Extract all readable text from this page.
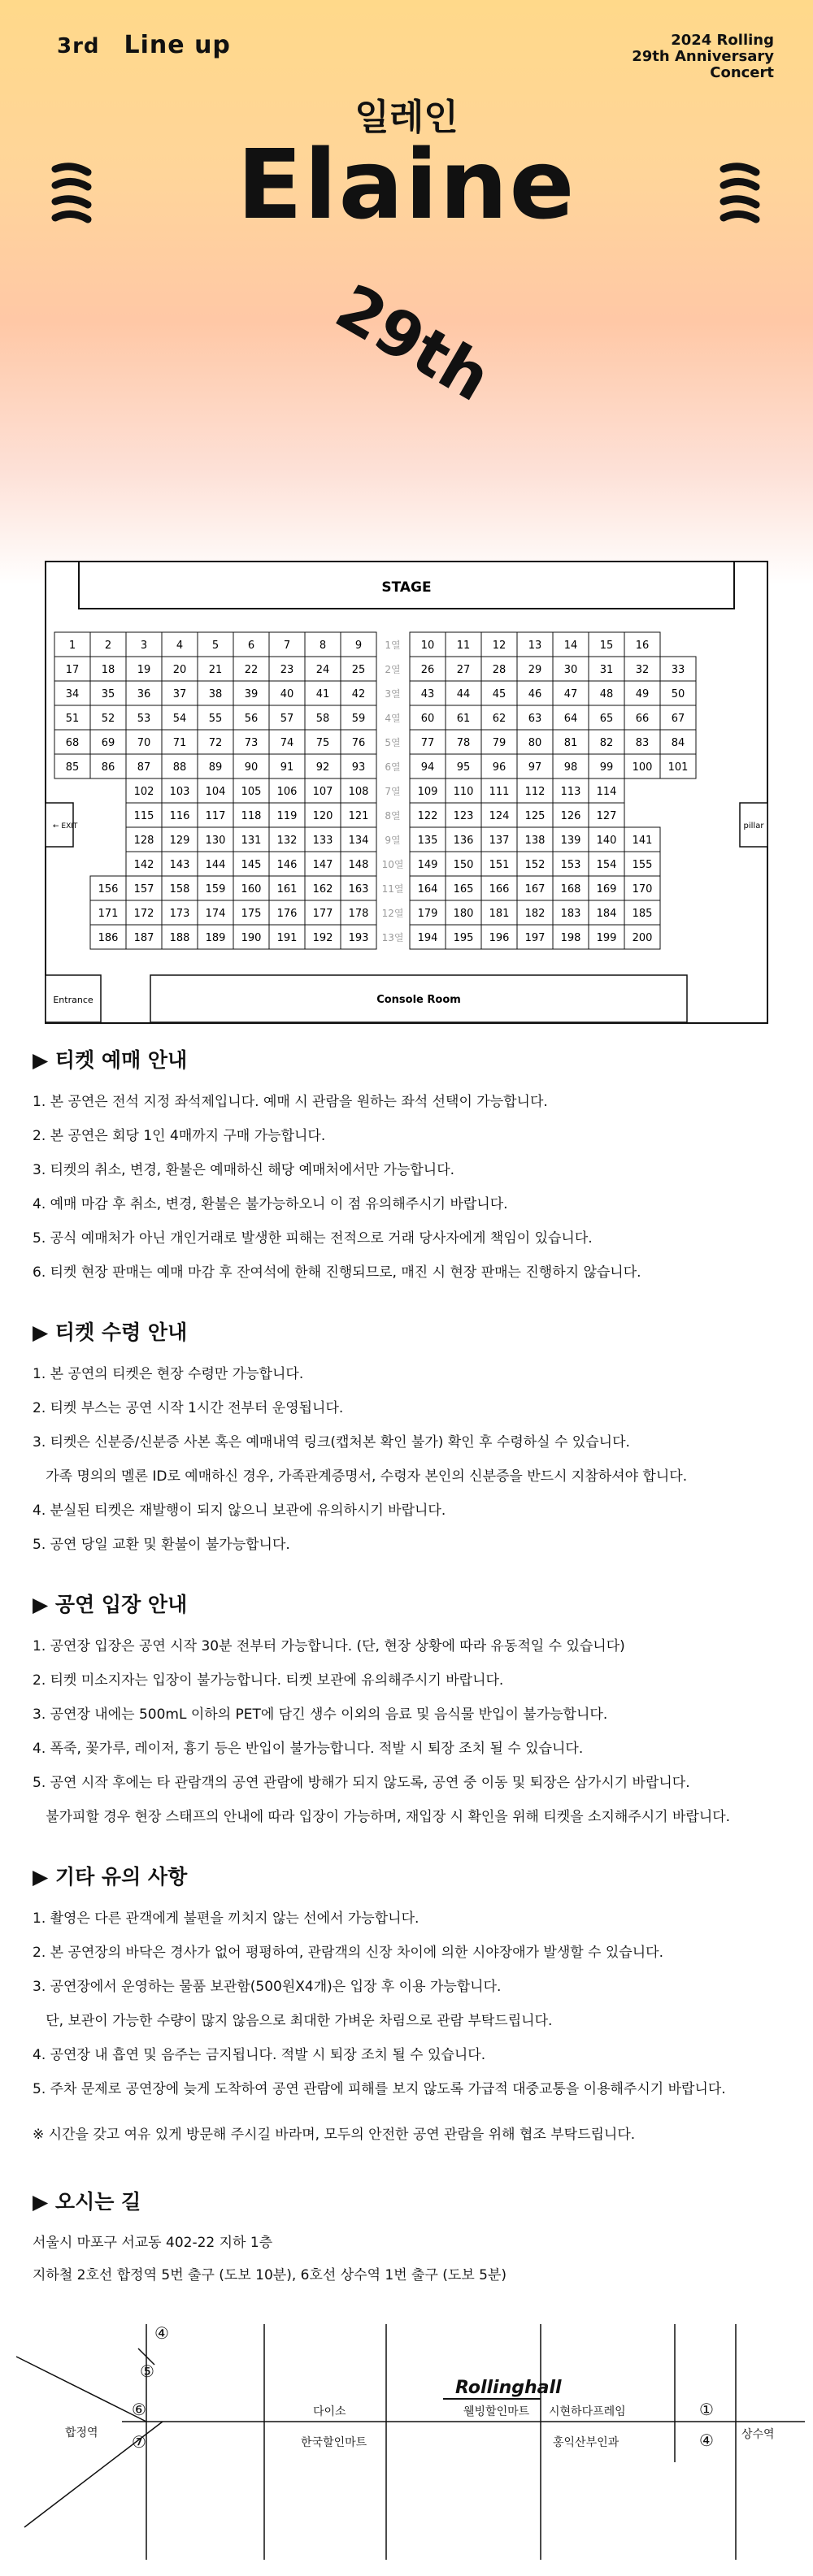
3rd Line up	2024 Rolling
29th Anniversary
Concert
일레인
Elaine
29th
STAGE
← EXIT	pillar
Entrance	Console Room
1	2	3	4	5	6	7	8	9	10 11 12 13 14 15 16
1열
17 18 19 20 21 22 23 24 25	26 27 28 29 30 31 32 33
2열
34 35 36 37 38 39 40 41 42	43 44 45 46 47 48 49 50
3열
51 52 53 54 55 56 57 58 59	60 61 62 63 64 65 66 67
4열
68 69 70 71 72 73 74 75 76	77 78 79 80 81 82 83 84
5열
85 86 87 88 89 90 91 92 93	94 95 96 97 98 99 100 101
6열
102 103 104 105 106 107 108	109 110 111 112 113 114
7열
115 116 117 118 119 120 121	122 123 124 125 126 127
8열
128 129 130 131 132 133 134	135 136 137 138 139 140 141
9열
142 143 144 145 146 147 148	149 150 151 152 153 154 155
10열
156 157 158 159 160 161 162 163	164 165 166 167 168 169 170
11열
171 172 173 174 175 176 177 178	179 180 181 182 183 184 185
12열
186 187 188 189 190 191 192 193	194 195 196 197 198 199 200
13열
▶ 티켓 예매 안내
1. 본 공연은 전석 지정 좌석제입니다. 예매 시 관람을 원하는 좌석 선택이 가능합니다.
2. 본 공연은 회당 1인 4매까지 구매 가능합니다.
3. 티켓의 취소, 변경, 환불은 예매하신 해당 예매처에서만 가능합니다.
4. 예매 마감 후 취소, 변경, 환불은 불가능하오니 이 점 유의해주시기 바랍니다.
5. 공식 예매처가 아닌 개인거래로 발생한 피해는 전적으로 거래 당사자에게 책임이 있습니다.
6. 티켓 현장 판매는 예매 마감 후 잔여석에 한해 진행되므로, 매진 시 현장 판매는 진행하지 않습니다.
▶ 티켓 수령 안내
1. 본 공연의 티켓은 현장 수령만 가능합니다.
2. 티켓 부스는 공연 시작 1시간 전부터 운영됩니다.
3. 티켓은 신분증/신분증 사본 혹은 예매내역 링크(캡처본 확인 불가) 확인 후 수령하실 수 있습니다.
가족 명의의 멜론 ID로 예매하신 경우, 가족관계증명서, 수령자 본인의 신분증을 반드시 지참하셔야 합니다.
4. 분실된 티켓은 재발행이 되지 않으니 보관에 유의하시기 바랍니다.
5. 공연 당일 교환 및 환불이 불가능합니다.
▶ 공연 입장 안내
1. 공연장 입장은 공연 시작 30분 전부터 가능합니다. (단, 현장 상황에 따라 유동적일 수 있습니다)
2. 티켓 미소지자는 입장이 불가능합니다. 티켓 보관에 유의해주시기 바랍니다.
3. 공연장 내에는 500mL 이하의 PET에 담긴 생수 이외의 음료 및 음식물 반입이 불가능합니다.
4. 폭죽, 꽃가루, 레이저, 흉기 등은 반입이 불가능합니다. 적발 시 퇴장 조치 될 수 있습니다.
5. 공연 시작 후에는 타 관람객의 공연 관람에 방해가 되지 않도록, 공연 중 이동 및 퇴장은 삼가시기 바랍니다.
불가피할 경우 현장 스태프의 안내에 따라 입장이 가능하며, 재입장 시 확인을 위해 티켓을 소지해주시기 바랍니다.
▶ 기타 유의 사항
1. 촬영은 다른 관객에게 불편을 끼치지 않는 선에서 가능합니다.
2. 본 공연장의 바닥은 경사가 없어 평평하여, 관람객의 신장 차이에 의한 시야장애가 발생할 수 있습니다.
3. 공연장에서 운영하는 물품 보관함(500원X4개)은 입장 후 이용 가능합니다.
단, 보관이 가능한 수량이 많지 않음으로 최대한 가벼운 차림으로 관람 부탁드립니다.
4. 공연장 내 흡연 및 음주는 금지됩니다. 적발 시 퇴장 조치 될 수 있습니다.
5. 주차 문제로 공연장에 늦게 도착하여 공연 관람에 피해를 보지 않도록 가급적 대중교통을 이용해주시기 바랍니다.
※ 시간을 갖고 여유 있게 방문해 주시길 바라며, 모두의 안전한 공연 관람을 위해 협조 부탁드립니다.
▶ 오시는 길
서울시 마포구 서교동 402-22 지하 1층
지하철 2호선 합정역 5번 출구 (도보 10분), 6호선 상수역 1번 출구 (도보 5분)
Rollinghall
합정역	상수역
다이소
한국할인마트
웰빙할인마트 시현하다프레임
홍익산부인과
④
⑤
⑥
⑦
①
④
